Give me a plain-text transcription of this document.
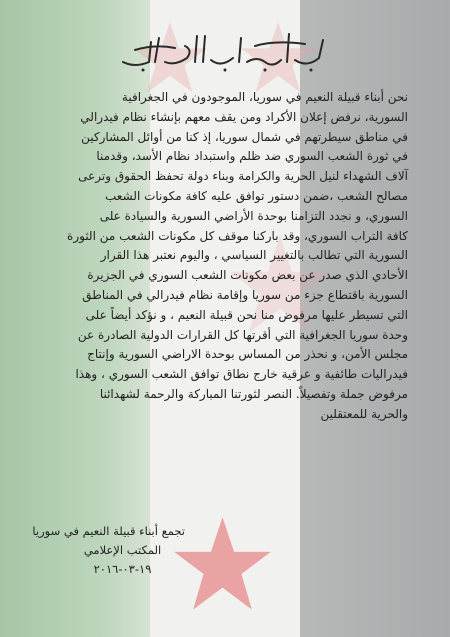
نحن أبناء قبيلة النعيم في سوريا، الموجودون في الجغرافية
السورية، نرفض إعلان الأكراد ومن يقف معهم بإنشاء نظام فيدرالي
في مناطق سيطرتهم في شمال سوريا، إذ كنا من أوائل المشاركين
في ثورة الشعب السوري ضد ظلم واستبداد نظام الأسد، وقدمنا
آلاف الشهداء لنيل الحرية والكرامة وبناء دولة تحفظ الحقوق وترعى
مصالح الشعب ،ضمن دستور توافق عليه كافة مكونات الشعب
السوري، و نجدد التزامنا بوحدة الأراضي السورية والسيادة على
كافة التراب السوري، وقد باركنا موقف كل مكونات الشعب من الثورة
السورية التي تطالب بالتغيير السياسي ، واليوم نعتبر هذا القرار
الأحادي الذي صدر عن بعض مكونات الشعب السوري في الجزيرة
السورية باقتطاع جزء من سوريا وإقامة نظام فيدرالي في المناطق
التي تسيطر عليها مرفوض منا نحن قبيلة النعيم ، و نؤكد أيضاً على
وحدة سوريا الجغرافية التي أقرتها كل القرارات الدولية الصادرة عن
مجلس الأمن، و نحذر من المساس بوحدة الاراضي السورية وإنتاج
فيدراليات طائفية و عرقية خارج نطاق توافق الشعب السوري ، وهذا
مرفوض جملة وتفصيلاً. النصر لثورتنا المباركة والرحمة لشهدائنا
والحرية للمعتقلين
تجمع أبناء قبيلة النعيم في سوريا
المكتب الإعلامي
١٩-٠٣-٢٠١٦
